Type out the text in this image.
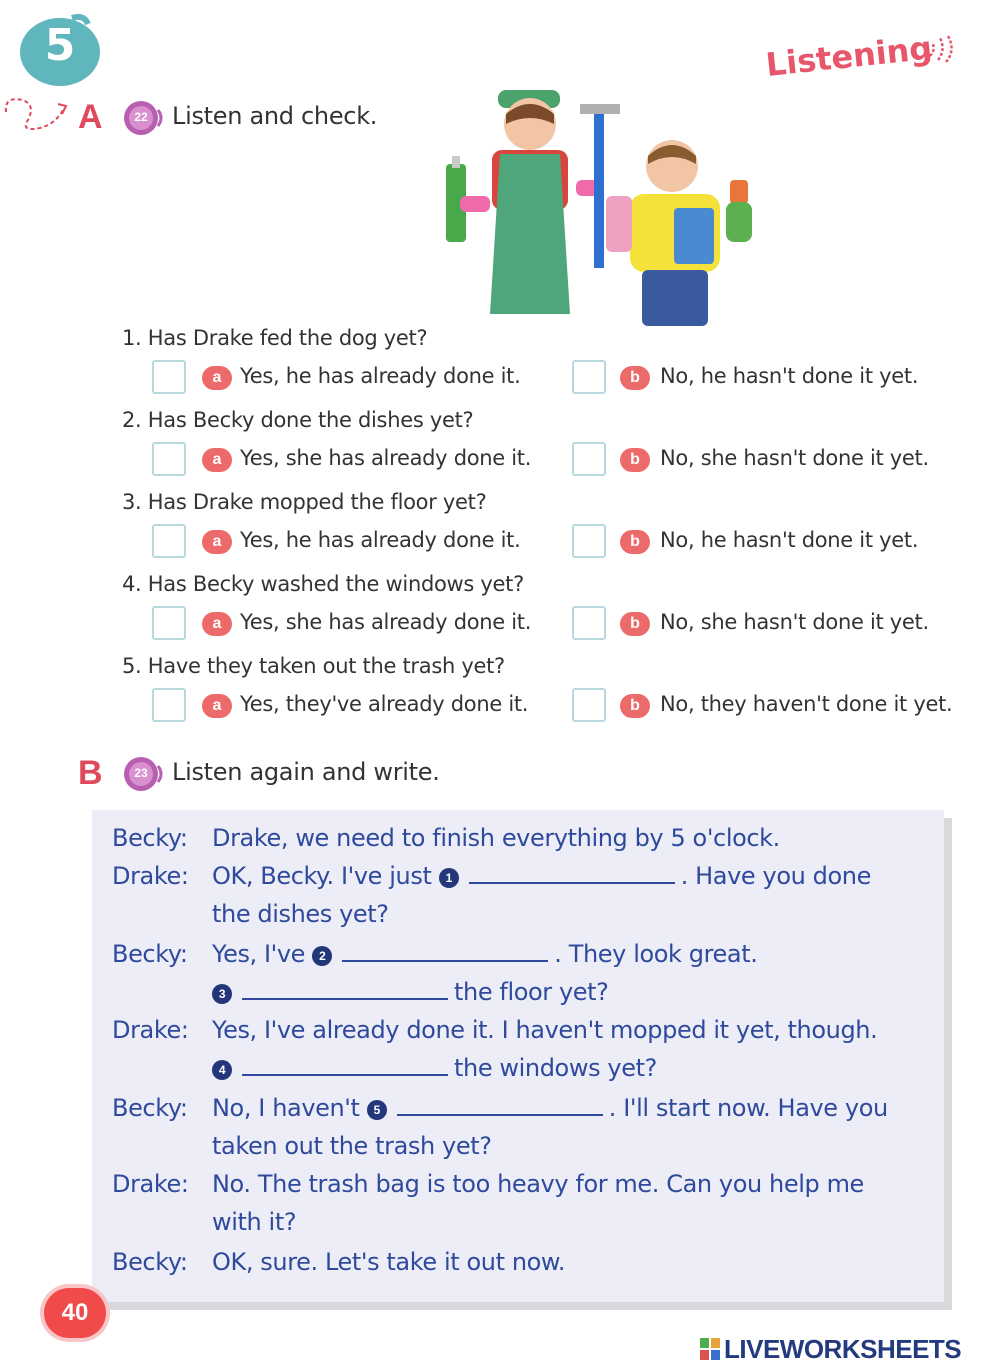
5	Listening
A	22	Listen and check.
1. Has Drake fed the dog yet?
a Yes, he has already done it.	b No, he hasn't done it yet.
2. Has Becky done the dishes yet?
a Yes, she has already done it.	b No, she hasn't done it yet.
3. Has Drake mopped the floor yet?
a Yes, he has already done it.	b No, he hasn't done it yet.
4. Has Becky washed the windows yet?
a Yes, she has already done it.	b No, she hasn't done it yet.
5. Have they taken out the trash yet?
a Yes, they've already done it.	b No, they haven't done it yet.
B	23	Listen again and write.
Becky: Drake, we need to finish everything by 5 o'clock.
Drake: OK, Becky. I've just 1	. Have you done
the dishes yet?
Becky: Yes, I've 2	. They look great.
3	the floor yet?
Drake: Yes, I've already done it. I haven't mopped it yet, though.
4	the windows yet?
Becky: No, I haven't 5	. I'll start now. Have you
taken out the trash yet?
Drake: No. The trash bag is too heavy for me. Can you help me
with it?
Becky: OK, sure. Let's take it out now.
40
LIVEWORKSHEETS
